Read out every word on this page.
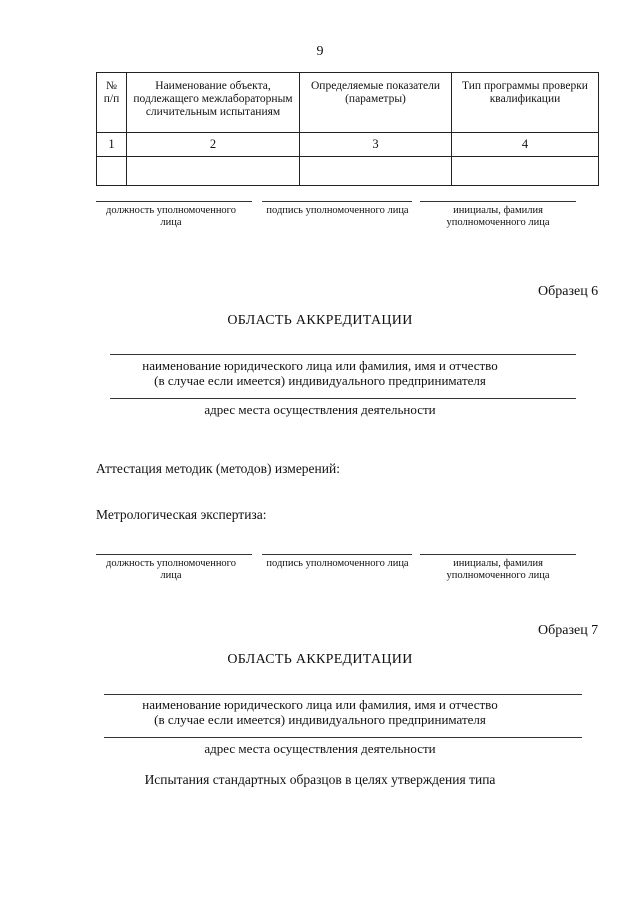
9
№ п/п	Наименование объекта, подлежащего межлабораторным сличительным испытаниям	Определяемые показатели (параметры)	Тип программы проверки квалификации
1	2	3	4

должность уполномоченного лица
подпись уполномоченного лица	инициалы, фамилия уполномоченного лица
Образец 6
ОБЛАСТЬ АККРЕДИТАЦИИ
наименование юридического лица или фамилия, имя и отчество
(в случае если имеется) индивидуального предпринимателя
адрес места осуществления деятельности
Аттестация методик (методов) измерений:
Метрологическая экспертиза:
должность уполномоченного лица
подпись уполномоченного лица	инициалы, фамилия уполномоченного лица
Образец 7
ОБЛАСТЬ АККРЕДИТАЦИИ
наименование юридического лица или фамилия, имя и отчество
(в случае если имеется) индивидуального предпринимателя
адрес места осуществления деятельности
Испытания стандартных образцов в целях утверждения типа
